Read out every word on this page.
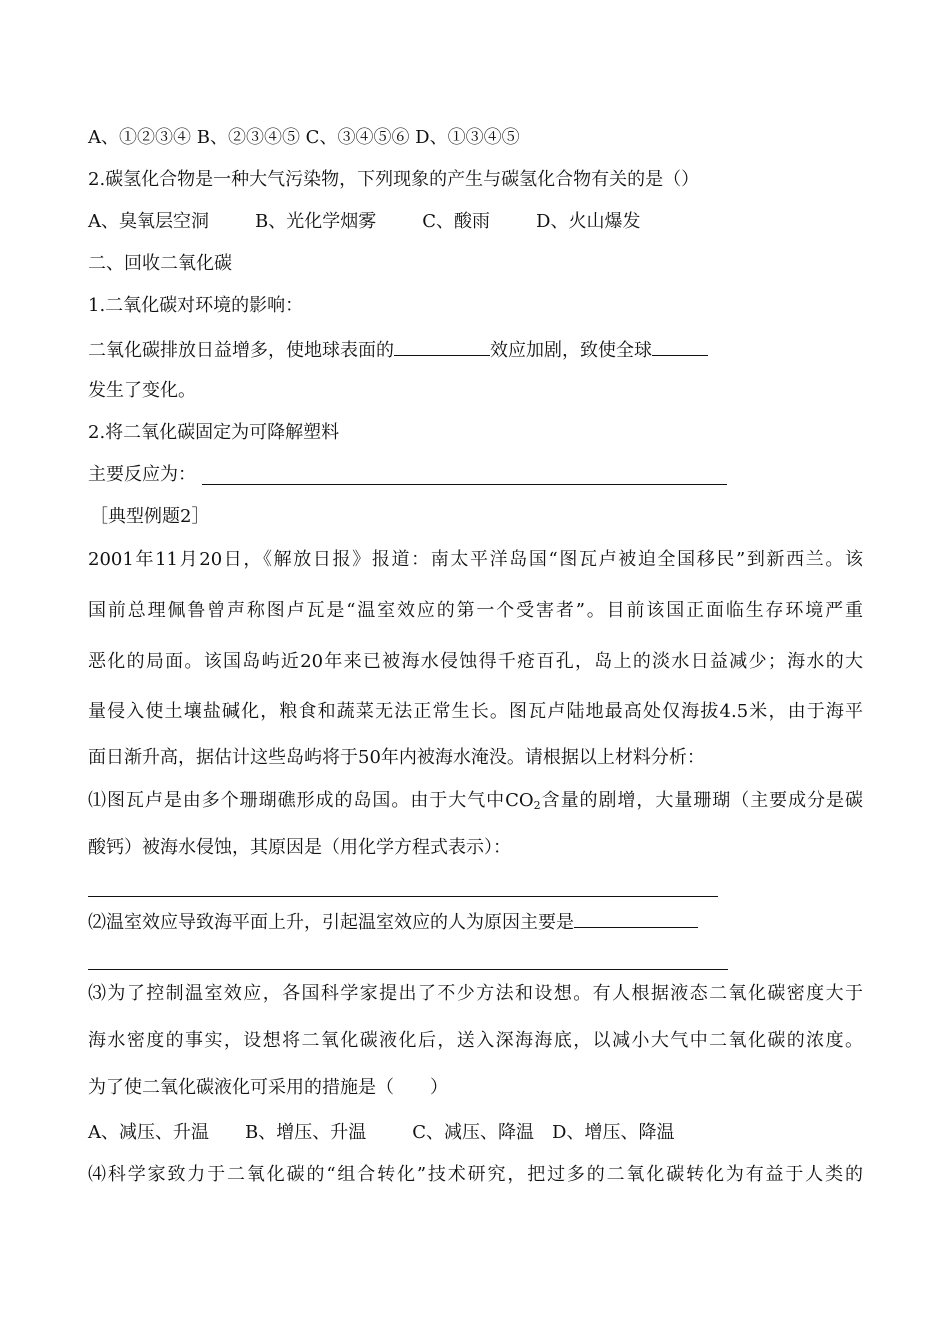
A、①②③④ B、②③④⑤ C、③④⑤⑥ D、①③④⑤
2.碳氢化合物是一种大气污染物，下列现象的产生与碳氢化合物有关的是（）
A、臭氧层空洞	B、光化学烟雾	C、酸雨	D、火山爆发
二、回收二氧化碳
1.二氧化碳对环境的影响：
二氧化碳排放日益增多，使地球表面的	效应加剧，致使全球
发生了变化。
2.将二氧化碳固定为可降解塑料
主要反应为：
［典型例题2］
2001年11月20日，《解放日报》报道：南太平洋岛国“图瓦卢被迫全国移民”到新西兰。该
国前总理佩鲁曾声称图卢瓦是“温室效应的第一个受害者”。目前该国正面临生存环境严重
恶化的局面。该国岛屿近20年来已被海水侵蚀得千疮百孔，岛上的淡水日益减少；海水的大
量侵入使土壤盐碱化，粮食和蔬菜无法正常生长。图瓦卢陆地最高处仅海拔4.5米，由于海平
面日渐升高，据估计这些岛屿将于50年内被海水淹没。请根据以上材料分析：
⑴图瓦卢是由多个珊瑚礁形成的岛国。由于大气中$CO_2$含量的剧增，大量珊瑚（主要成分是碳
酸钙）被海水侵蚀，其原因是（用化学方程式表示）：
⑵温室效应导致海平面上升，引起温室效应的人为原因主要是
⑶为了控制温室效应，各国科学家提出了不少方法和设想。有人根据液态二氧化碳密度大于
海水密度的事实，设想将二氧化碳液化后，送入深海海底，以减小大气中二氧化碳的浓度。
为了使二氧化碳液化可采用的措施是（　　）
A、减压、升温 B、增压、升温	C、减压、降温 D、增压、降温
⑷科学家致力于二氧化碳的“组合转化”技术研究，把过多的二氧化碳转化为有益于人类的
